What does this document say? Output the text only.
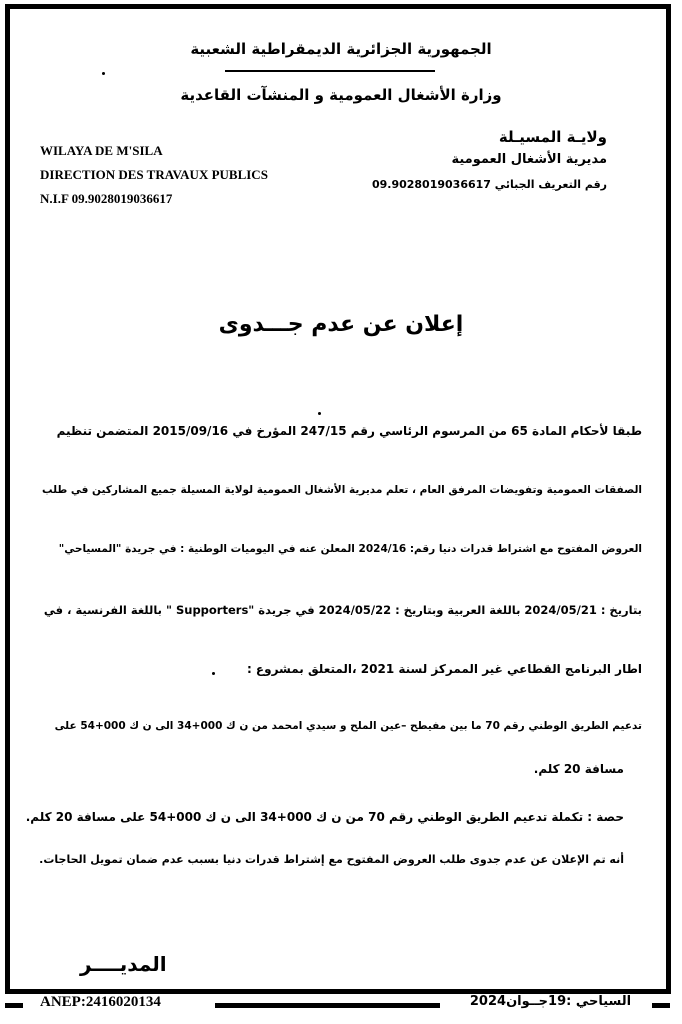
الجمهورية الجزائرية الديمقراطية الشعبية
وزارة الأشغال العمومية و المنشآت القاعدية
WILAYA DE M'SILA
DIRECTION DES TRAVAUX PUBLICS
N.I.F 09.9028019036617
ولايـة المسيـلة
مديرية الأشغال العمومية
رقم التعريف الجبائي 09.9028019036617
إعلان عن عدم جـــدوى
طبقا لأحكام المادة 65 من المرسوم الرئاسي رقم 247/15 المؤرخ في 2015/09/16 المتضمن تنظيم
الصفقات العمومية وتفويضات المرفق العام ، تعلم مديرية الأشغال العمومية لولاية المسيلة جميع المشاركين في طلب
العروض المفتوح مع اشتراط قدرات دنيا رقم: 2024/16 المعلن عنه في اليوميات الوطنية : في جريدة "المسياحي"
بتاريخ : 2024/05/21 باللغة العربية وبتاريخ : 2024/05/22 في جريدة "Supporters " باللغة الفرنسية ، في
اطار البرنامج القطاعي غير الممركز لسنة 2021 ،المتعلق بمشروع :
تدعيم الطريق الوطني رقم 70 ما بين مفيطح –عين الملح و سيدي امحمد من ن ك 000+34 الى ن ك 000+54 على
مسافة 20 كلم.
حصة : تكملة تدعيم الطريق الوطني رقم 70 من ن ك 000+34 الى ن ك 000+54 على مسافة 20 كلم.
أنه تم الإعلان عن عدم جدوى طلب العروض المفتوح مع إشتراط قدرات دنيا بسبب عدم ضمان تمويل الحاجات.
المديــــر
ANEP:2416020134	السياحي :19جــوان2024
